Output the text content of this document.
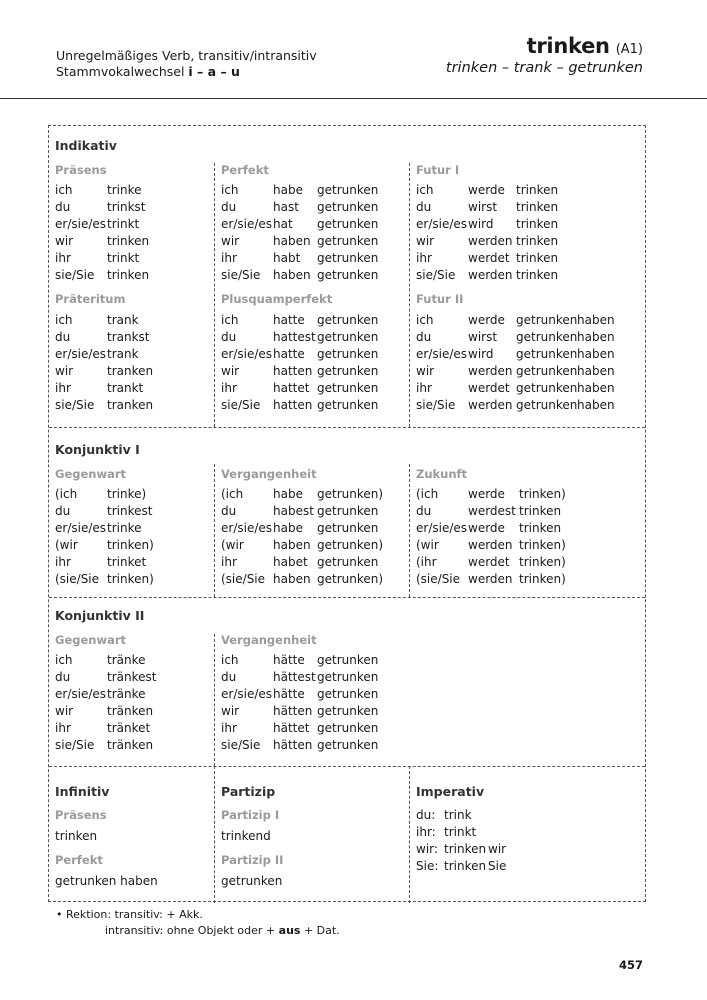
Unregelmäßiges Verb, transitiv/intransitiv
Stammvokalwechsel i – a – u
trinken (A1)
trinken – trank – getrunken
Indikativ
Präsens
ich	trinke
du	trinkst
er/sie/es trinkt
wir	trinken
ihr	trinkt
sie/Sie trinken
Perfekt
ich	habe getrunken
du	hast getrunken
er/sie/es hat getrunken
wir	haben getrunken
ihr	habt getrunken
sie/Sie haben getrunken
Futur I
ich	werde trinken
du	wirst trinken
er/sie/es wird trinken
wir	werden trinken
ihr	werdet trinken
sie/Sie werden trinken
Präteritum
ich	trank
du	trankst
er/sie/es trank
wir	tranken
ihr	trankt
sie/Sie tranken
Plusquamperfekt
ich	hatte getrunken
du	hattest getrunken
er/sie/es hatte getrunken
wir	hatten getrunken
ihr	hattet getrunken
sie/Sie hatten getrunken
Futur II
ich	werde getrunken haben
du	wirst getrunken haben
er/sie/es wird getrunken haben
wir	werden getrunken haben
ihr	werdet getrunken haben
sie/Sie werden getrunken haben
Konjunktiv I
Gegenwart
(ich trinke)
du	trinkest
er/sie/es trinke
(wir trinken)
ihr	trinket
(sie/Sie trinken)
Vergangenheit
(ich habe getrunken)
du	habest getrunken
er/sie/es habe getrunken
(wir haben getrunken)
ihr	habet getrunken
(sie/Sie haben getrunken)
Zukunft
(ich werde trinken)
du	werdest trinken
er/sie/es werde trinken
(wir werden trinken)
(ihr	werdet trinken)
(sie/Sie werden trinken)
Konjunktiv II
Gegenwart
ich	tränke
du	tränkest
er/sie/es tränke
wir	tränken
ihr	tränket
sie/Sie tränken
Vergangenheit
ich	hätte getrunken
du	hättest getrunken
er/sie/es hätte getrunken
wir	hätten getrunken
ihr	hättet getrunken
sie/Sie hätten getrunken
Infinitiv
Präsens
trinken
Perfekt
getrunken haben
Partizip
Partizip I
trinkend
Partizip II
getrunken
Imperativ
du: trink
ihr: trinkt
wir: trinken wir
Sie: trinken Sie
• Rektion: transitiv: + Akk.
intransitiv: ohne Objekt oder + aus + Dat.
457
